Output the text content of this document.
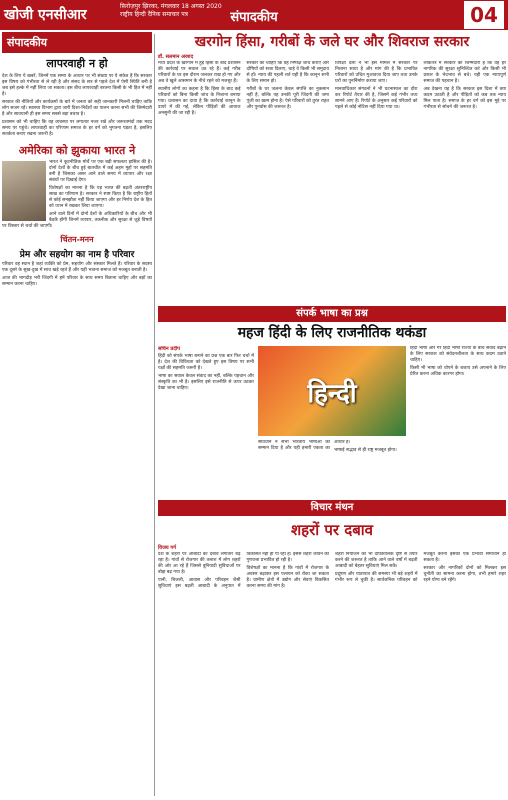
खोजी एनसीआर
फ़िरोज़पुर झिरका, मंगलवार 18 अगस्त 2020
राष्ट्रीय हिन्दी दैनिक समाचार पत्र	संपादकीय	04
संपादकीय
लापरवाही न हो

देश के लिए ये खबरें, जिनमें एक समय के आधार पर भी संख्या पर ये संकेत हैं कि सरकार इस विषय को गंभीरता से ले रही है और संसद के सत्र से पहले देश में ऐसी स्थिति बनी है जब इसे हल्के में नहीं लिया जा सकता। इस बीच लापरवाही बरतना किसी के भी हित में नहीं है।

सरकार की नीतियों और कार्यक्रमों के बारे में जनता को सही जानकारी मिलनी चाहिए ताकि लोग सजग रहें। स्वास्थ्य विभाग द्वारा जारी दिशा-निर्देशों का पालन करना सभी की जिम्मेदारी है और सावधानी ही इस समय सबसे बड़ा बचाव है।

प्रशासन को भी चाहिए कि वह व्यवस्था पर लगातार नजर रखे और जरूरतमंदों तक मदद समय पर पहुंचे। लापरवाही का परिणाम समाज के हर वर्ग को भुगतना पड़ता है, इसलिए सतर्कता बनाए रखना जरूरी है।

अमेरिका को झुकाया भारत ने

भारत ने कूटनीतिक मोर्चे पर एक बड़ी सफलता हासिल की है। दोनों देशों के बीच हुई बातचीत में कई अहम मुद्दों पर सहमति बनी है जिसका असर आने वाले समय में व्यापार और रक्षा संबंधों पर दिखाई देगा।

विशेषज्ञों का मानना है कि यह भारत की बढ़ती अंतरराष्ट्रीय साख का परिणाम है। सरकार ने स्पष्ट किया है कि राष्ट्रीय हितों से कोई समझौता नहीं किया जाएगा और हर निर्णय देश के हित को ध्यान में रखकर लिया जाएगा।

आने वाले दिनों में दोनों देशों के अधिकारियों के बीच और भी बैठकें होंगी जिनमें व्यापार, तकनीक और सुरक्षा से जुड़े विषयों पर विस्तार से चर्चा की जाएगी।

चिंतन-मनन
प्रेम और सहयोग का नाम है परिवार

परिवार वह स्थान है जहां व्यक्ति को प्रेम, सहयोग और संस्कार मिलते हैं। परिवार के सदस्य एक दूसरे के सुख-दुख में साथ खड़े रहते हैं और यही भावना समाज को मजबूत बनाती है।

आज की भागदौड़ भरी जिंदगी में हमें परिवार के साथ समय बिताना चाहिए और बड़ों का सम्मान करना चाहिए।

खरगोन हिंसा, गरीबों के जले घर और शिवराज सरकार
डॉ. सलमान अरशद

मध्य प्रदेश के खरगोन में हुई हिंसा के बाद प्रशासन की कार्रवाई पर सवाल उठ रहे हैं। कई गरीब परिवारों के घर इस दौरान जलकर राख हो गए और अब वे खुले आसमान के नीचे रहने को मजबूर हैं।

स्थानीय लोगों का कहना है कि हिंसा के बाद कई परिवारों को बिना किसी जांच के निशाना बनाया गया। प्रशासन का दावा है कि कार्रवाई कानून के दायरे में की गई, लेकिन पीड़ितों की आवाज अनसुनी की जा रही है।

सरकार को चाहिए कि वह निष्पक्ष जांच कराए और दोषियों को सजा दिलाए, चाहे वे किसी भी समुदाय से हों। न्याय की पहली शर्त यही है कि कानून सभी के लिए समान हो।

गरीबों के घर जलना केवल संपत्ति का नुकसान नहीं है, बल्कि यह उनकी पूरी जिंदगी की जमा पूंजी का खत्म होना है। ऐसे परिवारों को तुरंत राहत और पुनर्वास की जरूरत है।

विपक्षी दलों ने भी इस मामले में सरकार पर निशाना साधा है और मांग की है कि प्रभावित परिवारों को उचित मुआवजा दिया जाए तथा उनके घरों का पुनर्निर्माण कराया जाए।

मानवाधिकार संगठनों ने भी घटनास्थल का दौरा कर रिपोर्ट तैयार की है, जिसमें कई गंभीर तथ्य सामने आए हैं। रिपोर्ट के अनुसार कई परिवारों को पहले से कोई नोटिस नहीं दिया गया था।

लोकतंत्र में सरकार की जिम्मेदारी है कि वह हर नागरिक की सुरक्षा सुनिश्चित करे और किसी भी प्रकार के भेदभाव से बचे। यही एक न्यायपूर्ण समाज की पहचान है।

अब देखना यह है कि सरकार इस दिशा में क्या कदम उठाती है और पीड़ितों को कब तक न्याय मिल पाता है। समाज के हर वर्ग को इस मुद्दे पर गंभीरता से सोचने की जरूरत है।

संपर्क भाषा का प्रश्न
महज हिंदी के लिए राजनीतिक थकंडा
सचिन प्रदीप

हिंदी को संपर्क भाषा बनाने का प्रश्न एक बार फिर चर्चा में है। देश की विविधता को देखते हुए इस विषय पर सभी पक्षों की सहमति जरूरी है।

भाषा का सवाल केवल संवाद का नहीं, बल्कि पहचान और संस्कृति का भी है। इसलिए इसे राजनीति से ऊपर उठकर देखा जाना चाहिए।	हिन्दी

संविधान ने सभी भारतीय भाषाओं को सम्मान दिया है और यही हमारी एकता का आधार है।

भाषाई सद्भाव से ही राष्ट्र मजबूत होगा।

हिंदी भाषी और गैर हिंदी भाषी राज्यों के बीच संवाद बढ़ाने के लिए सरकार को संवेदनशीलता के साथ कदम उठाने चाहिए।

किसी भी भाषा को थोपने के बजाय उसे अपनाने के लिए प्रेरित करना अधिक कारगर होगा।

विचार मंथन
शहरों पर दबाव
विजय गर्ग

देश के शहरों पर आबादी का दबाव लगातार बढ़ रहा है। गांवों से रोजगार की तलाश में लोग शहरों की ओर आ रहे हैं जिससे बुनियादी सुविधाओं पर बोझ बढ़ गया है।

पानी, बिजली, आवास और परिवहन जैसी सुविधाएं इस बढ़ती आबादी के अनुपात में विकसित नहीं हो पा रही हैं। इससे शहरी जीवन की गुणवत्ता प्रभावित हो रही है।

विशेषज्ञों का मानना है कि गांवों में रोजगार के अवसर बढ़ाकर इस पलायन को रोका जा सकता है। ग्रामीण क्षेत्रों में उद्योग और सेवाएं विकसित करना समय की मांग है।

शहरी नियोजन को भी दीर्घकालिक दृष्टि से तैयार करने की जरूरत है ताकि आने वाले वर्षों में बढ़ती आबादी को बेहतर सुविधाएं मिल सकें।

प्रदूषण और यातायात की समस्या भी बड़े शहरों में गंभीर रूप ले चुकी है। सार्वजनिक परिवहन को मजबूत करना इसका एक प्रभावी समाधान हो सकता है।

सरकार और नागरिकों दोनों को मिलकर इस चुनौती का सामना करना होगा, तभी हमारे शहर रहने योग्य बने रहेंगे।
